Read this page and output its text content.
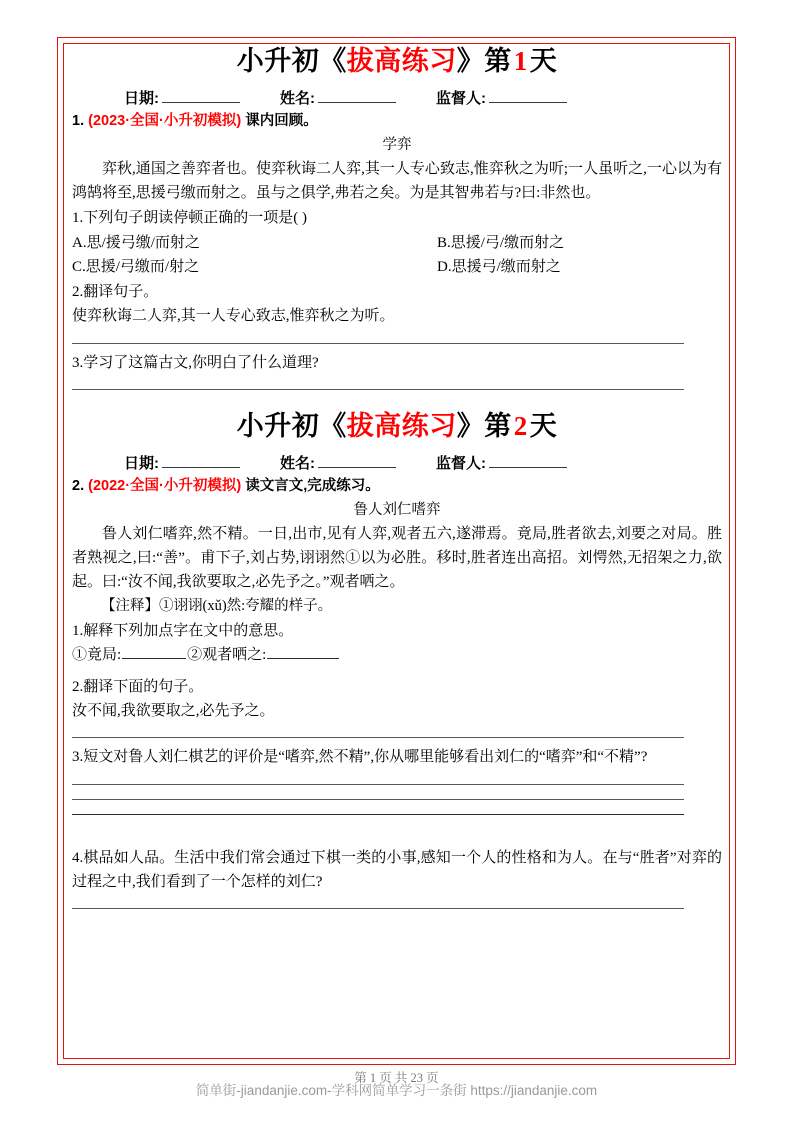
小升初《拔高练习》第1天
日期:	姓名:	监督人:
1. (2023·全国·小升初模拟) 课内回顾。
学弈
弈秋,通国之善弈者也。使弈秋诲二人弈,其一人专心致志,惟弈秋之为听;一人虽听之,一心以为有鸿鹄将至,思援弓缴而射之。虽与之俱学,弗若之矣。为是其智弗若与?曰:非然也。
1.下列句子朗读停顿正确的一项是( )
A.思/援弓缴/而射之	B.思援/弓/缴而射之
C.思援/弓缴而/射之	D.思援弓/缴而射之
2.翻译句子。
使弈秋诲二人弈,其一人专心致志,惟弈秋之为听。
3.学习了这篇古文,你明白了什么道理?
小升初《拔高练习》第2天
日期:	姓名:	监督人:
2. (2022·全国·小升初模拟) 读文言文,完成练习。
鲁人刘仁嗜弈
鲁人刘仁嗜弈,然不精。一日,出市,见有人弈,观者五六,遂滞焉。竟局,胜者欲去,刘要之对局。胜者熟视之,曰:“善”。甫下子,刘占势,诩诩然①以为必胜。移时,胜者连出高招。刘愕然,无招架之力,欲起。曰:“汝不闻,我欲要取之,必先予之。”观者哂之。
【注释】①诩诩(xǔ)然:夸耀的样子。
1.解释下列加点字在文中的意思。
①竟局:	②观者哂之:
2.翻译下面的句子。
汝不闻,我欲要取之,必先予之。
3.短文对鲁人刘仁棋艺的评价是“嗜弈,然不精”,你从哪里能够看出刘仁的“嗜弈”和“不精”?
4.棋品如人品。生活中我们常会通过下棋一类的小事,感知一个人的性格和为人。在与“胜者”对弈的过程之中,我们看到了一个怎样的刘仁?
第 1 页 共 23 页
简单街-jiandanjie.com-学科网简单学习一条街 https://jiandanjie.com
